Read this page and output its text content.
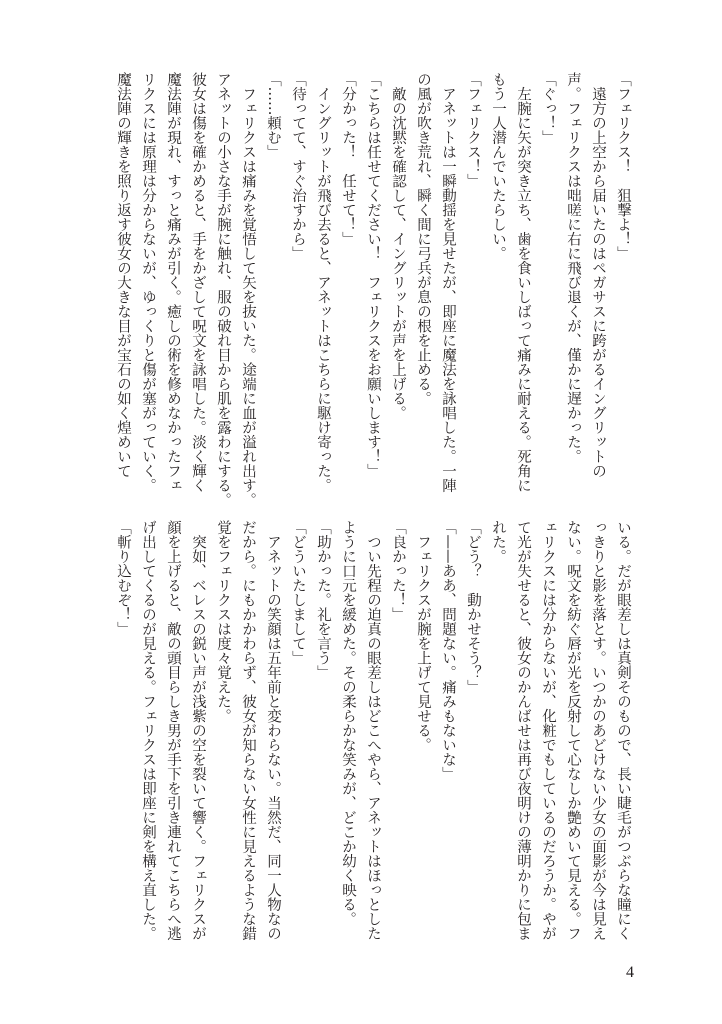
「フェリクス！　狙撃よ！」

　遠方の上空から届いたのはペガサスに跨がるイングリットの

声。フェリクスは咄嗟に右に飛び退くが、僅かに遅かった。

「ぐっ！」

　左腕に矢が突き立ち、歯を食いしばって痛みに耐える。死角に

もう一人潜んでいたらしい。

「フェリクス！」

　アネットは一瞬動揺を見せたが、即座に魔法を詠唱した。一陣

の風が吹き荒れ、瞬く間に弓兵が息の根を止める。

　敵の沈黙を確認して、イングリットが声を上げる。

「こちらは任せてください！　フェリクスをお願いします！」

「分かった！　任せて！」

　イングリットが飛び去ると、アネットはこちらに駆け寄った。

「待ってて、すぐ治すから」

「……頼む」

　フェリクスは痛みを覚悟して矢を抜いた。途端に血が溢れ出す。

アネットの小さな手が腕に触れ、服の破れ目から肌を露わにする。

彼女は傷を確かめると、手をかざして呪文を詠唱した。淡く輝く

魔法陣が現れ、すっと痛みが引く。癒しの術を修めなかったフェ

リクスには原理は分からないが、ゆっくりと傷が塞がっていく。

魔法陣の輝きを照り返す彼女の大きな目が宝石の如く煌めいて

いる。だが眼差しは真剣そのもので、長い睫毛がつぶらな瞳にく

っきりと影を落とす。いつかのあどけない少女の面影が今は見え

ない。呪文を紡ぐ唇が光を反射して心なしか艶めいて見える。フ

ェリクスには分からないが、化粧でもしているのだろうか。やが

て光が失せると、彼女のかんばせは再び夜明けの薄明かりに包ま

れた。

「どう？　動かせそう？」

「——ああ、問題ない。痛みもないな」

　フェリクスが腕を上げて見せる。

「良かった！」

　つい先程の迫真の眼差しはどこへやら、アネットはほっとした

ように口元を緩めた。その柔らかな笑みが、どこか幼く映る。

「助かった。礼を言う」

「どういたしまして」

　アネットの笑顔は五年前と変わらない。当然だ、同一人物なの

だから。にもかかわらず、彼女が知らない女性に見えるような錯

覚をフェリクスは度々覚えた。

　突如、ベレスの鋭い声が浅紫の空を裂いて響く。フェリクスが

顔を上げると、敵の頭目らしき男が手下を引き連れてこちらへ逃

げ出してくるのが見える。フェリクスは即座に剣を構え直した。

「斬り込むぞ！」

4
